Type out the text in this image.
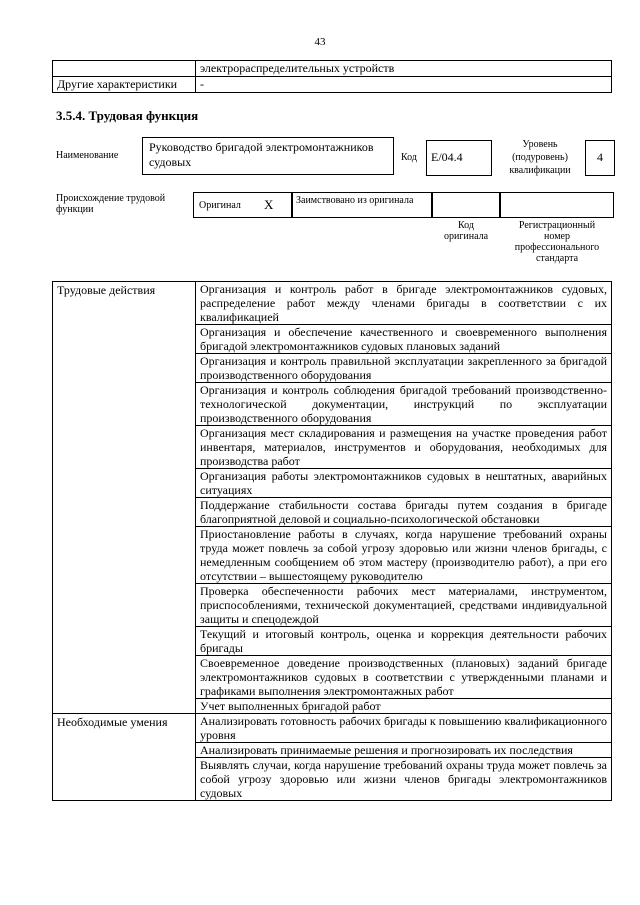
43
	электрораспределительных устройств
Другие характеристики	-
3.5.4. Трудовая функция
Наименование
Руководство бригадой электромонтажников судовых	Код	E/04.4
Уровень (подуровень) квалификации
4
Происхождение трудовой функции	Оригинал X	Заимствовано из оригинала
Код оригинала
Регистрационный номер профессионального стандарта
Трудовые действия	Организация и контроль работ в бригаде электромонтажников судовых, распределение работ между членами бригады в соответствии с их квалификацией
	Организация и обеспечение качественного и своевременного выполнения бригадой электромонтажников судовых плановых заданий
	Организация и контроль правильной эксплуатации закрепленного за бригадой производственного оборудования
	Организация и контроль соблюдения бригадой требований производственно-технологической документации, инструкций по эксплуатации производственного оборудования
	Организация мест складирования и размещения на участке проведения работ инвентаря, материалов, инструментов и оборудования, необходимых для производства работ
	Организация работы электромонтажников судовых в нештатных, аварийных ситуациях
	Поддержание стабильности состава бригады путем создания в бригаде благоприятной деловой и социально-психологической обстановки
	Приостановление работы в случаях, когда нарушение требований охраны труда может повлечь за собой угрозу здоровью или жизни членов бригады, с немедленным сообщением об этом мастеру (производителю работ), а при его отсутствии – вышестоящему руководителю
	Проверка обеспеченности рабочих мест материалами, инструментом, приспособлениями, технической документацией, средствами индивидуальной защиты и спецодеждой
	Текущий и итоговый контроль, оценка и коррекция деятельности рабочих бригады
	Своевременное доведение производственных (плановых) заданий бригаде электромонтажников судовых в соответствии с утвержденными планами и графиками выполнения электромонтажных работ
	Учет выполненных бригадой работ
Необходимые умения	Анализировать готовность рабочих бригады к повышению квалификационного уровня
	Анализировать принимаемые решения и прогнозировать их последствия
	Выявлять случаи, когда нарушение требований охраны труда может повлечь за собой угрозу здоровью или жизни членов бригады электромонтажников судовых
